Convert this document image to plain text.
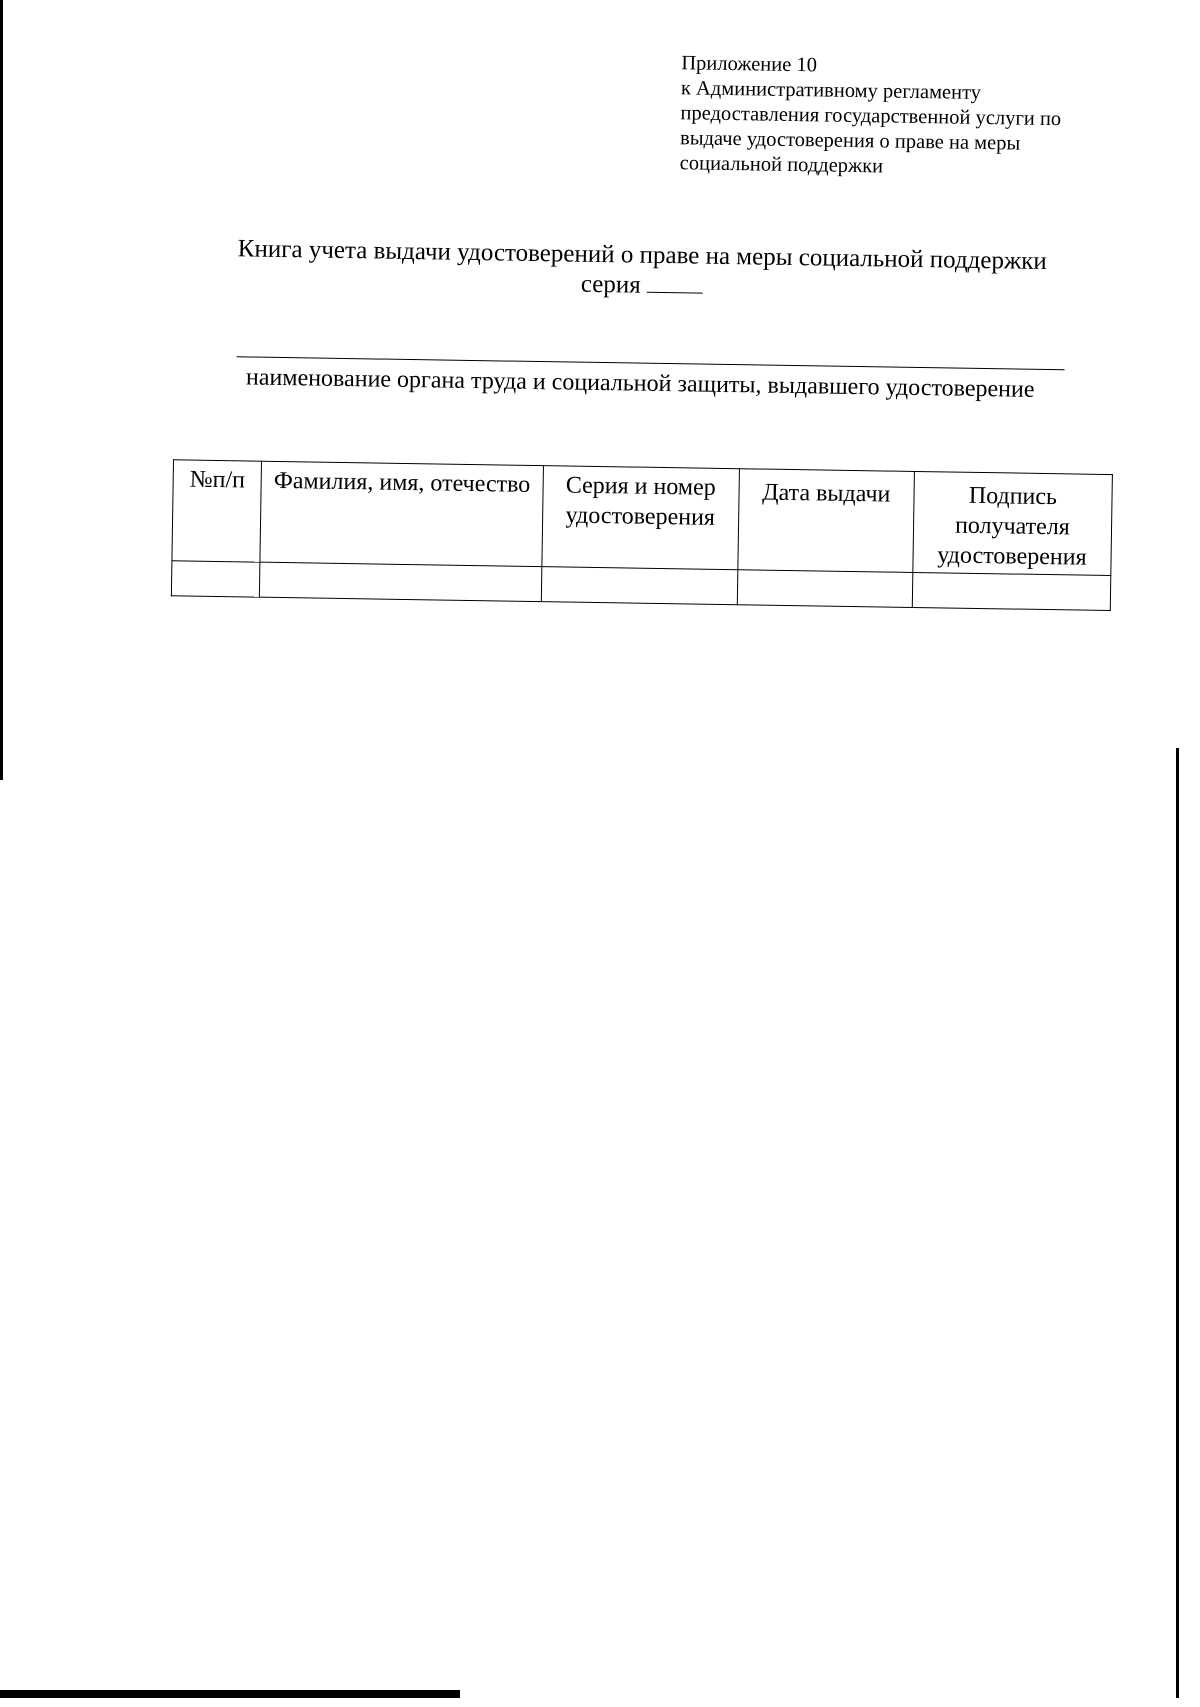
Приложение 10
к Административному регламенту
предоставления государственной услуги по
выдаче удостоверения о праве на меры
социальной поддержки
Книга учета выдачи удостоверений о праве на меры социальной поддержки
серия
наименование органа труда и социальной защиты, выдавшего удостоверение
№п/п	Фамилия, имя, отечество	Серия и номер удостоверения	Дата выдачи	Подпись получателя удостоверения
